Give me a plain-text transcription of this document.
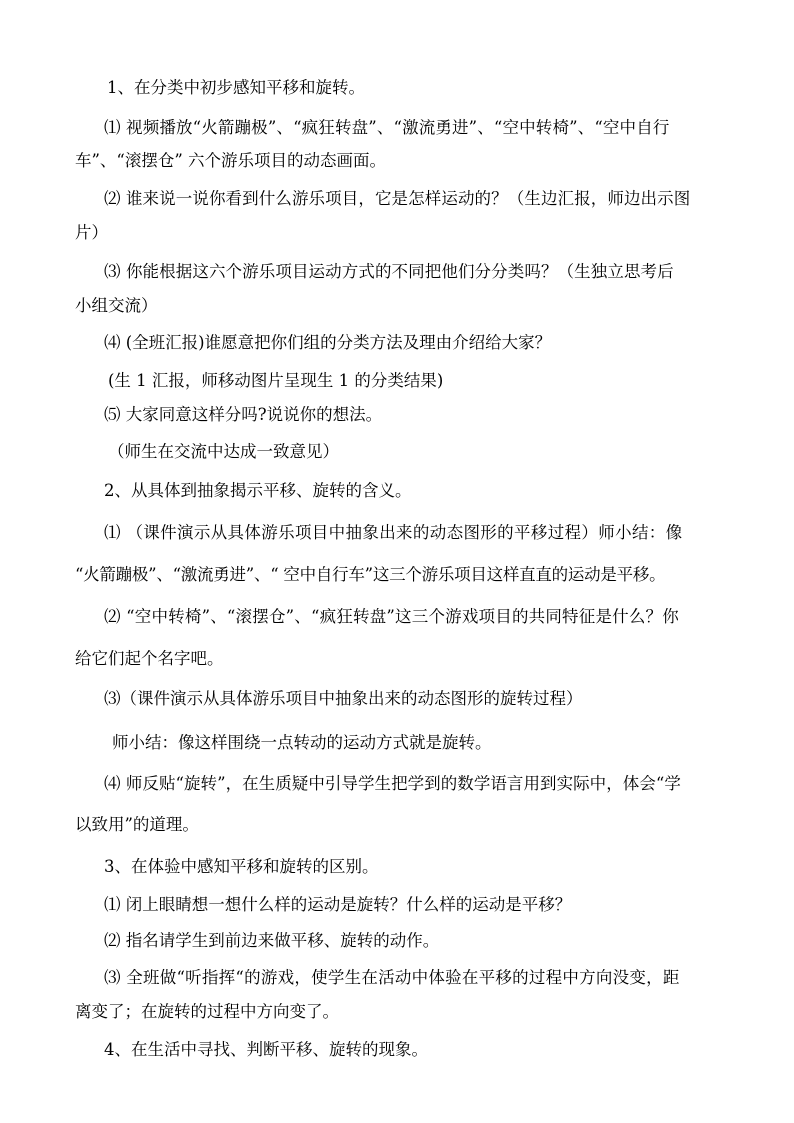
1、在分类中初步感知平移和旋转。
⑴ 视频播放“火箭蹦极”、“疯狂转盘”、“激流勇进”、“空中转椅”、“空中自行
车”、“滚摆仓” 六个游乐项目的动态画面。
⑵ 谁来说一说你看到什么游乐项目，它是怎样运动的？（生边汇报，师边出示图
片）
⑶ 你能根据这六个游乐项目运动方式的不同把他们分分类吗？（生独立思考后
小组交流）
⑷ (全班汇报)谁愿意把你们组的分类方法及理由介绍给大家？
(生 1 汇报，师移动图片呈现生 1 的分类结果)
⑸ 大家同意这样分吗?说说你的想法。
（师生在交流中达成一致意见）
2、从具体到抽象揭示平移、旋转的含义。
⑴ （课件演示从具体游乐项目中抽象出来的动态图形的平移过程）师小结：像
“火箭蹦极”、“激流勇进”、“ 空中自行车”这三个游乐项目这样直直的运动是平移。
⑵ “空中转椅”、“滚摆仓”、“疯狂转盘”这三个游戏项目的共同特征是什么？你
给它们起个名字吧。
⑶（课件演示从具体游乐项目中抽象出来的动态图形的旋转过程）
师小结：像这样围绕一点转动的运动方式就是旋转。
⑷ 师反贴“旋转”，在生质疑中引导学生把学到的数学语言用到实际中，体会“学
以致用”的道理。
3、在体验中感知平移和旋转的区别。
⑴ 闭上眼睛想一想什么样的运动是旋转？什么样的运动是平移？
⑵ 指名请学生到前边来做平移、旋转的动作。
⑶ 全班做“听指挥“的游戏，使学生在活动中体验在平移的过程中方向没变，距
离变了；在旋转的过程中方向变了。
4、在生活中寻找、判断平移、旋转的现象。
